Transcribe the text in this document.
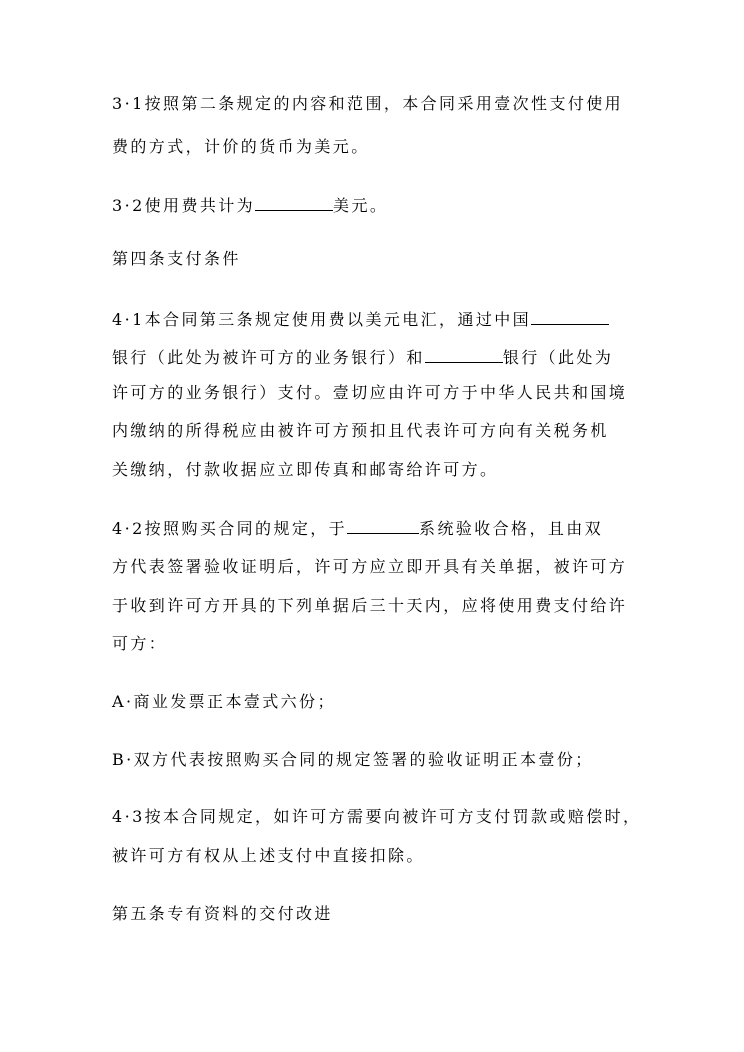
3·1按照第二条规定的内容和范围，本合同采用壹次性支付使用
费的方式，计价的货币为美元。
3·2使用费共计为	美元。
第四条支付条件
4·1本合同第三条规定使用费以美元电汇，通过中国
银行（此处为被许可方的业务银行）和	银行（此处为
许可方的业务银行）支付。壹切应由许可方于中华人民共和国境
内缴纳的所得税应由被许可方预扣且代表许可方向有关税务机
关缴纳，付款收据应立即传真和邮寄给许可方。
4·2按照购买合同的规定，于	系统验收合格，且由双
方代表签署验收证明后，许可方应立即开具有关单据，被许可方
于收到许可方开具的下列单据后三十天内，应将使用费支付给许
可方：
A·商业发票正本壹式六份；
B·双方代表按照购买合同的规定签署的验收证明正本壹份；
4·3按本合同规定，如许可方需要向被许可方支付罚款或赔偿时，
被许可方有权从上述支付中直接扣除。
第五条专有资料的交付改进
